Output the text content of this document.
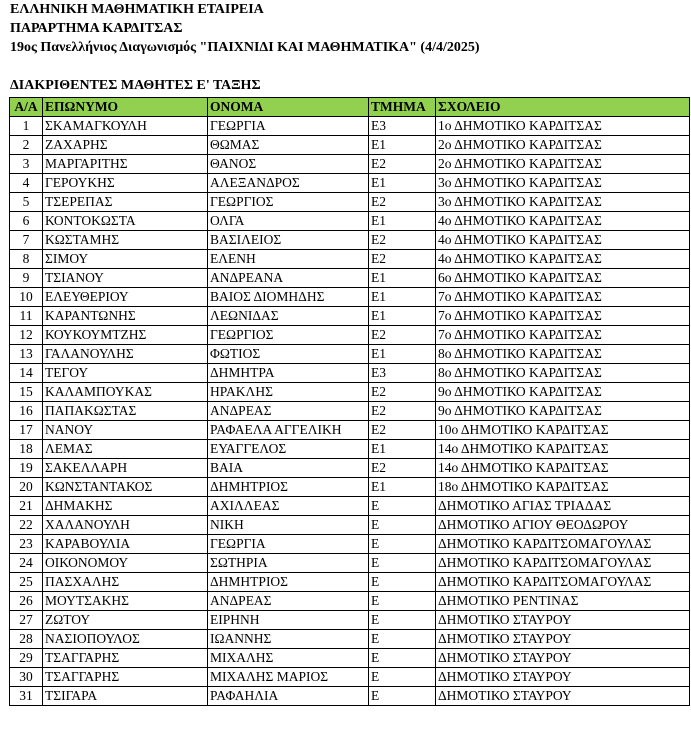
ΕΛΛΗΝΙΚΗ ΜΑΘΗΜΑΤΙΚΗ ΕΤΑΙΡΕΙΑ
ΠΑΡΑΡΤΗΜΑ ΚΑΡΔΙΤΣΑΣ
19ος Πανελλήνιος Διαγωνισμός "ΠΑΙΧΝΙΔΙ ΚΑΙ ΜΑΘΗΜΑΤΙΚΑ" (4/4/2025)
ΔΙΑΚΡΙΘΕΝΤΕΣ ΜΑΘΗΤΕΣ Ε' ΤΑΞΗΣ
Α/Α	ΕΠΩΝΥΜΟ	ΟΝΟΜΑ	ΤΜΗΜΑ	ΣΧΟΛΕΙΟ
1	ΣΚΑΜΑΓΚΟΥΛΗ	ΓΕΩΡΓΙΑ	Ε3	1ο ΔΗΜΟΤΙΚΟ ΚΑΡΔΙΤΣΑΣ
2	ΖΑΧΑΡΗΣ	ΘΩΜΑΣ	Ε1	2ο ΔΗΜΟΤΙΚΟ ΚΑΡΔΙΤΣΑΣ
3	ΜΑΡΓΑΡΙΤΗΣ	ΘΑΝΟΣ	Ε2	2ο ΔΗΜΟΤΙΚΟ ΚΑΡΔΙΤΣΑΣ
4	ΓΕΡΟΥΚΗΣ	ΑΛΕΞΑΝΔΡΟΣ	Ε1	3ο ΔΗΜΟΤΙΚΟ ΚΑΡΔΙΤΣΑΣ
5	ΤΣΕΡΕΠΑΣ	ΓΕΩΡΓΙΟΣ	Ε2	3ο ΔΗΜΟΤΙΚΟ ΚΑΡΔΙΤΣΑΣ
6	ΚΟΝΤΟΚΩΣΤΑ	ΟΛΓΑ	Ε1	4ο ΔΗΜΟΤΙΚΟ ΚΑΡΔΙΤΣΑΣ
7	ΚΩΣΤΑΜΗΣ	ΒΑΣΙΛΕΙΟΣ	Ε2	4ο ΔΗΜΟΤΙΚΟ ΚΑΡΔΙΤΣΑΣ
8	ΣΙΜΟΥ	ΕΛΕΝΗ	Ε2	4ο ΔΗΜΟΤΙΚΟ ΚΑΡΔΙΤΣΑΣ
9	ΤΣΙΑΝΟΥ	ΑΝΔΡΕΑΝΑ	Ε1	6ο ΔΗΜΟΤΙΚΟ ΚΑΡΔΙΤΣΑΣ
10	ΕΛΕΥΘΕΡΙΟΥ	ΒΑΙΟΣ ΔΙΟΜΗΔΗΣ	Ε1	7ο ΔΗΜΟΤΙΚΟ ΚΑΡΔΙΤΣΑΣ
11	ΚΑΡΑΝΤΩΝΗΣ	ΛΕΩΝΙΔΑΣ	Ε1	7ο ΔΗΜΟΤΙΚΟ ΚΑΡΔΙΤΣΑΣ
12	ΚΟΥΚΟΥΜΤΖΗΣ	ΓΕΩΡΓΙΟΣ	Ε2	7ο ΔΗΜΟΤΙΚΟ ΚΑΡΔΙΤΣΑΣ
13	ΓΑΛΑΝΟΥΛΗΣ	ΦΩΤΙΟΣ	Ε1	8ο ΔΗΜΟΤΙΚΟ ΚΑΡΔΙΤΣΑΣ
14	ΤΕΓΟΥ	ΔΗΜΗΤΡΑ	Ε3	8ο ΔΗΜΟΤΙΚΟ ΚΑΡΔΙΤΣΑΣ
15	ΚΑΛΑΜΠΟΥΚΑΣ	ΗΡΑΚΛΗΣ	Ε2	9ο ΔΗΜΟΤΙΚΟ ΚΑΡΔΙΤΣΑΣ
16	ΠΑΠΑΚΩΣΤΑΣ	ΑΝΔΡΕΑΣ	Ε2	9ο ΔΗΜΟΤΙΚΟ ΚΑΡΔΙΤΣΑΣ
17	ΝΑΝΟΥ	ΡΑΦΑΕΛΑ ΑΓΓΕΛΙΚΗ	Ε2	10ο ΔΗΜΟΤΙΚΟ ΚΑΡΔΙΤΣΑΣ
18	ΛΕΜΑΣ	ΕΥΑΓΓΕΛΟΣ	Ε1	14ο ΔΗΜΟΤΙΚΟ ΚΑΡΔΙΤΣΑΣ
19	ΣΑΚΕΛΛΑΡΗ	ΒΑΙΑ	Ε2	14ο ΔΗΜΟΤΙΚΟ ΚΑΡΔΙΤΣΑΣ
20	ΚΩΝΣΤΑΝΤΑΚΟΣ	ΔΗΜΗΤΡΙΟΣ	Ε1	18ο ΔΗΜΟΤΙΚΟ ΚΑΡΔΙΤΣΑΣ
21	ΔΗΜΑΚΗΣ	ΑΧΙΛΛΕΑΣ	Ε	ΔΗΜΟΤΙΚΟ ΑΓΙΑΣ ΤΡΙΑΔΑΣ
22	ΧΑΛΑΝΟΥΛΗ	ΝΙΚΗ	Ε	ΔΗΜΟΤΙΚΟ ΑΓΙΟΥ ΘΕΟΔΩΡΟΥ
23	ΚΑΡΑΒΟΥΛΙΑ	ΓΕΩΡΓΙΑ	Ε	ΔΗΜΟΤΙΚΟ ΚΑΡΔΙΤΣΟΜΑΓΟΥΛΑΣ
24	ΟΙΚΟΝΟΜΟΥ	ΣΩΤΗΡΙΑ	Ε	ΔΗΜΟΤΙΚΟ ΚΑΡΔΙΤΣΟΜΑΓΟΥΛΑΣ
25	ΠΑΣΧΑΛΗΣ	ΔΗΜΗΤΡΙΟΣ	Ε	ΔΗΜΟΤΙΚΟ ΚΑΡΔΙΤΣΟΜΑΓΟΥΛΑΣ
26	ΜΟΥΤΣΑΚΗΣ	ΑΝΔΡΕΑΣ	Ε	ΔΗΜΟΤΙΚΟ ΡΕΝΤΙΝΑΣ
27	ΖΩΤΟΥ	ΕΙΡΗΝΗ	Ε	ΔΗΜΟΤΙΚΟ ΣΤΑΥΡΟΥ
28	ΝΑΣΙΟΠΟΥΛΟΣ	ΙΩΑΝΝΗΣ	Ε	ΔΗΜΟΤΙΚΟ ΣΤΑΥΡΟΥ
29	ΤΣΑΓΓΑΡΗΣ	ΜΙΧΑΛΗΣ	Ε	ΔΗΜΟΤΙΚΟ ΣΤΑΥΡΟΥ
30	ΤΣΑΓΓΑΡΗΣ	ΜΙΧΑΛΗΣ ΜΑΡΙΟΣ	Ε	ΔΗΜΟΤΙΚΟ ΣΤΑΥΡΟΥ
31	ΤΣΙΓΑΡΑ	ΡΑΦΑΗΛΙΑ	Ε	ΔΗΜΟΤΙΚΟ ΣΤΑΥΡΟΥ
